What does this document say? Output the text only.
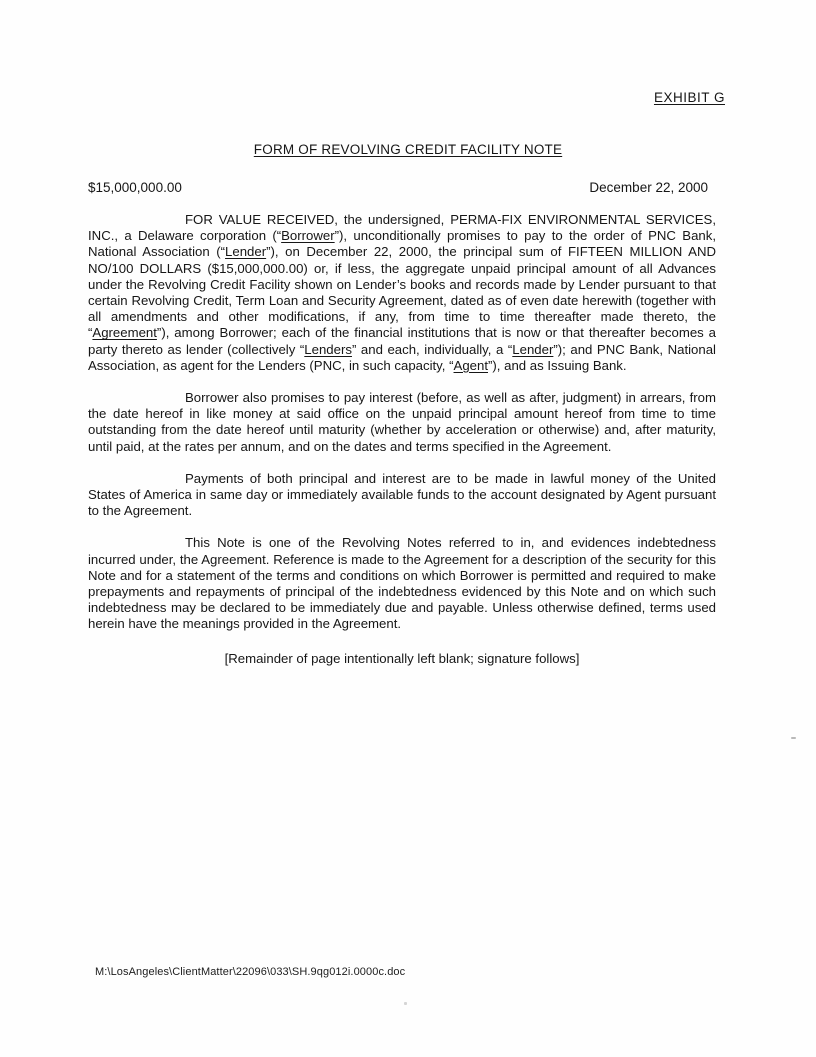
EXHIBIT G
FORM OF REVOLVING CREDIT FACILITY NOTE
$15,000,000.00	December 22, 2000

FOR VALUE RECEIVED, the undersigned, PERMA-FIX ENVIRONMENTAL SERVICES, INC., a Delaware corporation (“Borrower”), unconditionally promises to pay to the order of PNC Bank, National Association (“Lender”), on December 22, 2000, the principal sum of FIFTEEN MILLION AND NO/100 DOLLARS ($15,000,000.00) or, if less, the aggregate unpaid principal amount of all Advances under the Revolving Credit Facility shown on Lender’s books and records made by Lender pursuant to that certain Revolving Credit, Term Loan and Security Agreement, dated as of even date herewith (together with all amendments and other modifications, if any, from time to time thereafter made thereto, the “Agreement”), among Borrower; each of the financial institutions that is now or that thereafter becomes a party thereto as lender (collectively “Lenders” and each, individually, a “Lender”); and PNC Bank, National Association, as agent for the Lenders (PNC, in such capacity, “Agent”), and as Issuing Bank.

Borrower also promises to pay interest (before, as well as after, judgment) in arrears, from the date hereof in like money at said office on the unpaid principal amount hereof from time to time outstanding from the date hereof until maturity (whether by acceleration or otherwise) and, after maturity, until paid, at the rates per annum, and on the dates and terms specified in the Agreement.

Payments of both principal and interest are to be made in lawful money of the United States of America in same day or immediately available funds to the account designated by Agent pursuant to the Agreement.

This Note is one of the Revolving Notes referred to in, and evidences indebtedness incurred under, the Agreement. Reference is made to the Agreement for a description of the security for this Note and for a statement of the terms and conditions on which Borrower is permitted and required to make prepayments and repayments of principal of the indebtedness evidenced by this Note and on which such indebtedness may be declared to be immediately due and payable. Unless otherwise defined, terms used herein have the meanings provided in the Agreement.

[Remainder of page intentionally left blank; signature follows]
M:\LosAngeles\ClientMatter\22096\033\SH.9qg012i.0000c.doc
